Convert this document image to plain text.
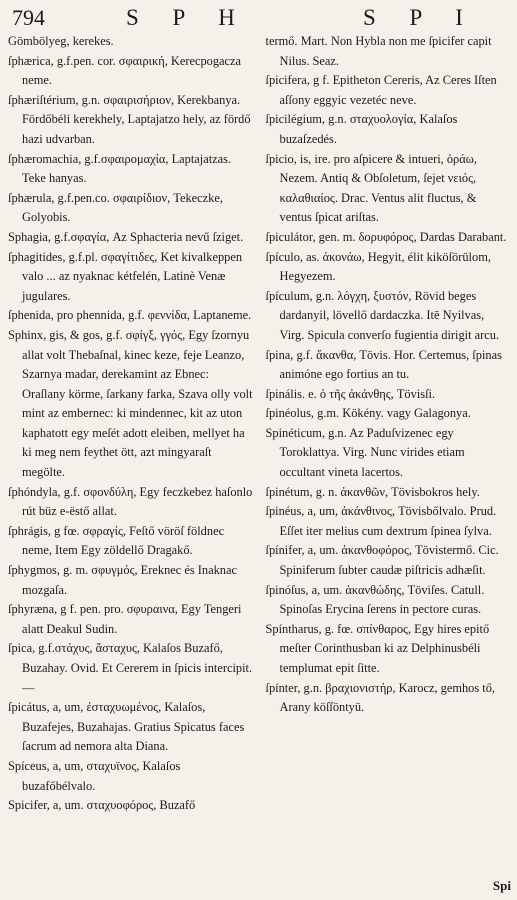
794	S P H	S P I

Gömbölyeg, kerekes.

ſphærica, g.f.pen. cor. σφαιρική, Kerecpogacza neme.

ſphæriſtérium, g.n. σφαιρισήριον, Kerekbanya. Fördőbéli kerekhely, Laptajatzo hely, az fördő hazi udvarban.

ſphæromachia, g.f.σφαιρομαχία, Laptajatzas. Teke hanyas.

ſphærula, g.f.pen.co. σφαιρίδιον, Tekeczke, Golyobis.

Sphagia, g.f.σφαγία, Az Sphacteria nevű ſziget.

ſphagitides, g.f.pl. σφαγίτιδες, Ket kivalkeppen valo ... az nyaknac kétfelén, Latinè Venæ jugulares.

ſphenida, pro phennida, g.f. φεννίδα, Laptaneme.

Sphinx, gis, & gos, g.f. σφίγξ, γγός, Egy ſzornyu allat volt Thebaſnal, kinec keze, feje Leanzo, Szarnya madar, derekamint az Ebnec: Oraſlany körme, ſarkany farka, Szava olly volt mint az embernec: ki mindennec, kit az uton kaphatott egy meſét adott eleiben, mellyet ha ki meg nem feythet ött, azt mingyaraſt megölte.

ſphóndyla, g.f. σφονδύλη, Egy feczkebez haſonlo rút büz e-ëstő allat.

ſphrágis, g fœ. σφραγίς, Feſtő vöröſ földnec neme, Item Egy zöldellő Dragakő.

ſphygmos, g. m. σφυγμός, Ereknec és Inaknac mozgaſa.

ſphyræna, g f. pen. pro. σφυραινα, Egy Tengeri alatt Deakul Sudin.

ſpica, g.f.στάχυς, ἄσταχυς, Kalaſos Buzafő, Buzahay. Ovid. Et Cererem in ſpicis intercipit.—

ſpicátus, a, um, ἐσταχυωμένος, Kalaſos, Buzafejes, Buzahajas. Gratius Spicatus faces ſacrum ad nemora alta Diana.

Spíceus, a, um, σταχυϊνος, Kalaſos buzafőbélvalo.

Spicifer, a, um. σταχυοφόρος, Buzafő

termő. Mart. Non Hybla non me ſpicifer capit Nilus. Seaz.

ſpicifera, g f. Epitheton Cereris, Az Ceres Iſten aſſony eggyic vezetéc neve.

ſpicilégium, g.n. σταχυολογία, Kalaſos buzaſzedés.

ſpicio, is, ire. pro aſpicere & intueri, ὁράω, Nezem. Antiq & Obſoletum, ſejet νειός, καλαθιαίος. Drac. Ventus alit fluctus, & ventus ſpicat ariſtas.

ſpiculátor, gen. m. δορυφόρος, Dardas Darabant.

ſpículo, as. ἀκονάω, Hegyit, élit kiköſörülom, Hegyezem.

ſpículum, g.n. λόγχη, ξυστόν, Rövid beges dardanyil, lövellő dardaczka. Itē Nyilvas, Virg. Spicula converſo fugientia dirigit arcu.

ſpina, g.f. ἄκανθα, Tövis. Hor. Certemus, ſpinas animóne ego fortius an tu.

ſpinális. e. ὁ τῆς ἀκάνθης, Tövisſi.

ſpinéolus, g.m. Kökény. vagy Galagonya.

Spinéticum, g.n. Az Paduſvizenec egy Toroklattya. Virg. Nunc virides etiam occultant vineta lacertos.

ſpinétum, g. n. ἀκανθῶν, Tövisbokros hely.

ſpinéus, a, um, ἀκάνθινος, Tövisbőlvalo. Prud. Eſſet iter melius cum dextrum ſpinea ſylva.

ſpínifer, a, um. ἀκανθοφόρος, Tövistermő. Cic. Spiniferum ſubter caudæ piſtricis adhæſit.

ſpinóſus, a, um. ἀκανθώδης, Töviſes. Catull. Spinoſas Erycina ſerens in pectore curas.

Spíntharus, g. fœ. σπίνθαρος, Egy hires epitő meſter Corinthusban ki az Delphinusbéli templumat epit ſitte.

ſpínter, g.n. βραχιονιστήρ, Karocz, gemhos tő, Arany köſſöntyü.

Spi
